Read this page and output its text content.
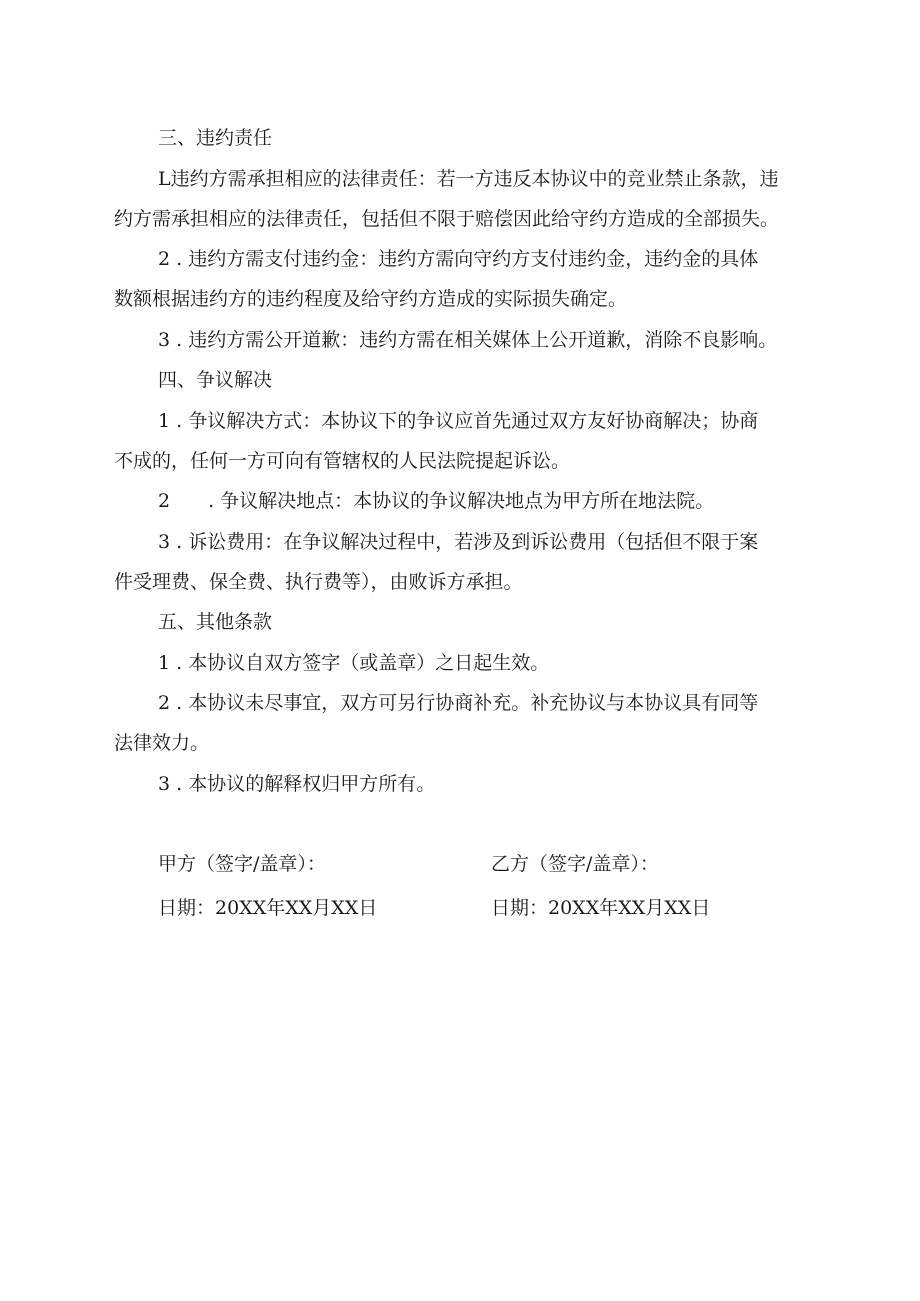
三、违约责任
L违约方需承担相应的法律责任：若一方违反本协议中的竞业禁止条款，违
约方需承担相应的法律责任，包括但不限于赔偿因此给守约方造成的全部损失。
2 . 违约方需支付违约金：违约方需向守约方支付违约金，违约金的具体
数额根据违约方的违约程度及给守约方造成的实际损失确定。
3 . 违约方需公开道歉：违约方需在相关媒体上公开道歉，消除不良影响。
四、争议解决
1 . 争议解决方式：本协议下的争议应首先通过双方友好协商解决；协商
不成的，任何一方可向有管辖权的人民法院提起诉讼。
2　　. 争议解决地点：本协议的争议解决地点为甲方所在地法院。
3 . 诉讼费用：在争议解决过程中，若涉及到诉讼费用（包括但不限于案
件受理费、保全费、执行费等），由败诉方承担。
五、其他条款
1 . 本协议自双方签字（或盖章）之日起生效。
2 . 本协议未尽事宜，双方可另行协商补充。补充协议与本协议具有同等
法律效力。
3 . 本协议的解释权归甲方所有。
甲方（签字/盖章）：	乙方（签字/盖章）：
日期：20XX年XX月XX日	日期：20XX年XX月XX日
